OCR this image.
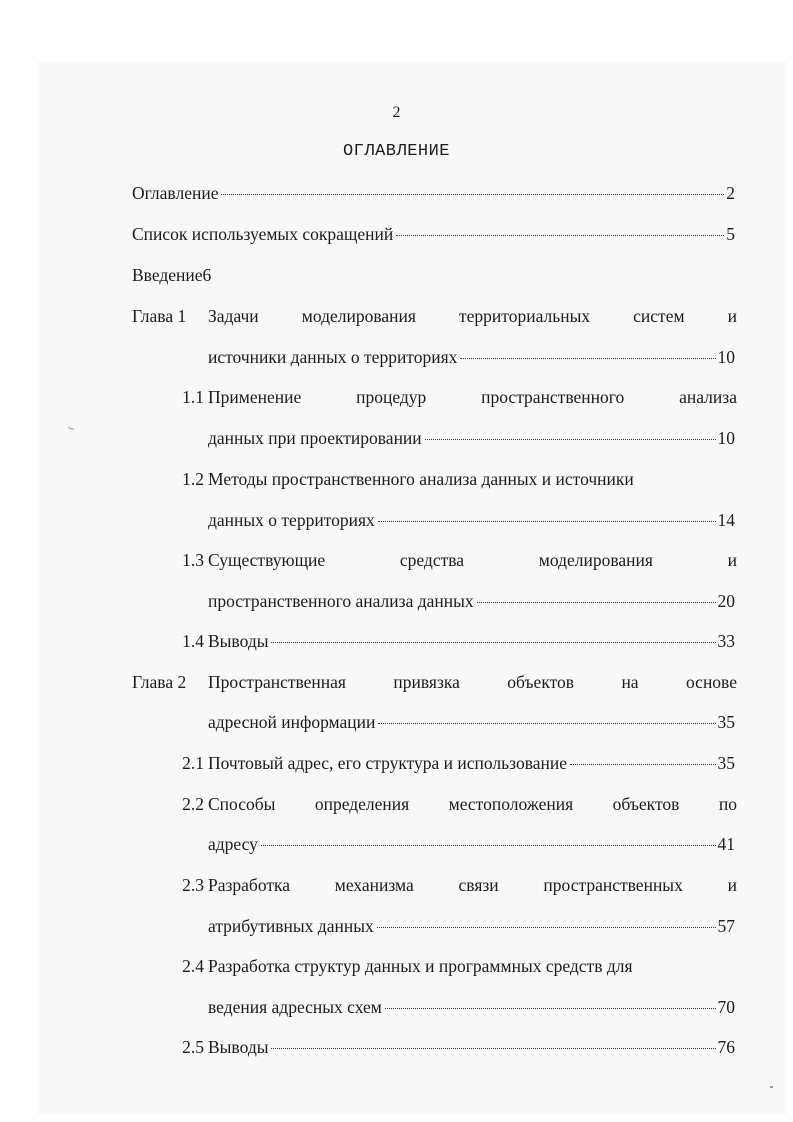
2
ОГЛАВЛЕНИЕ
Оглавление	2
Список используемых сокращений	5
Введение6
Глава 1 Задачи моделирования территориальных систем и
источники данных о территориях	10
1.1 Применение	процедур	пространственного	анализа
данных при проектировании	10
1.2 Методы пространственного анализа данных и источники
данных о территориях	14
1.3 Существующие	средства	моделирования	и
пространственного анализа данных	20
1.4 Выводы	33
Глава 2 Пространственная	привязка	объектов	на	основе
адресной информации	35
2.1 Почтовый адрес, его структура и использование	35
2.2 Способы определения местоположения объектов по
адресу	41
2.3 Разработка	механизма	связи	пространственных	и
атрибутивных данных	57
2.4 Разработка структур данных и программных средств для
ведения адресных схем	70
2.5 Выводы	76
